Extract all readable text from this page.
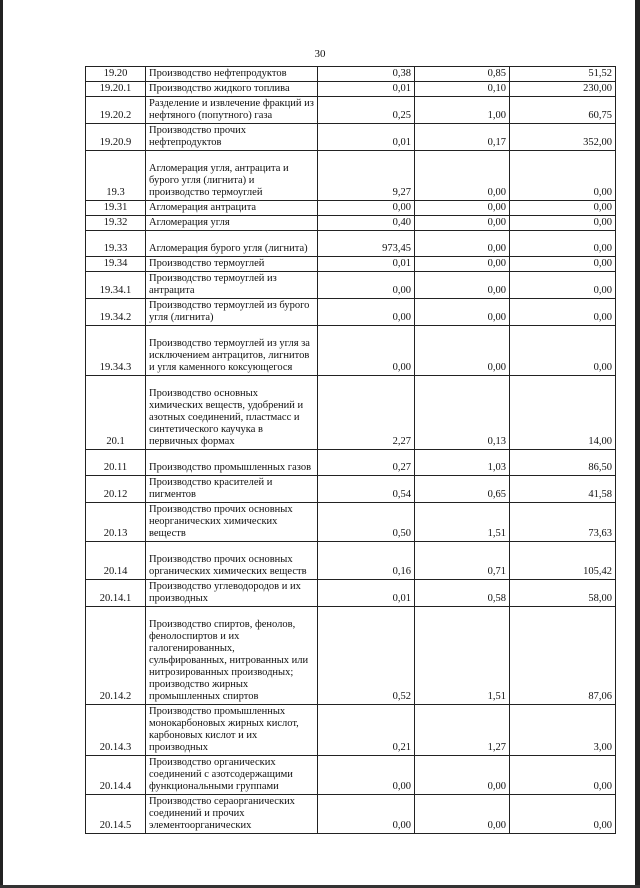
30
19.20	Производство нефтепродуктов	0,38	0,85	51,52
19.20.1	Производство жидкого топлива	0,01	0,10	230,00
19.20.2	Разделение и извлечение фракций из нефтяного (попутного) газа	0,25	1,00	60,75
19.20.9	Производство прочих нефтепродуктов	0,01	0,17	352,00
19.3	Агломерация угля, антрацита и бурого угля (лигнита) и производство термоуглей	9,27	0,00	0,00
19.31	Агломерация антрацита	0,00	0,00	0,00
19.32	Агломерация угля	0,40	0,00	0,00
19.33	Агломерация бурого угля (лигнита)	973,45	0,00	0,00
19.34	Производство термоуглей	0,01	0,00	0,00
19.34.1	Производство термоуглей из антрацита	0,00	0,00	0,00
19.34.2	Производство термоуглей из бурого угля (лигнита)	0,00	0,00	0,00
19.34.3	Производство термоуглей из угля за исключением антрацитов, лигнитов и угля каменного коксующегося	0,00	0,00	0,00
20.1	Производство основных химических веществ, удобрений и азотных соединений, пластмасс и синтетического каучука в первичных формах	2,27	0,13	14,00
20.11	Производство промышленных газов	0,27	1,03	86,50
20.12	Производство красителей и пигментов	0,54	0,65	41,58
20.13	Производство прочих основных неорганических химических веществ	0,50	1,51	73,63
20.14	Производство прочих основных органических химических веществ	0,16	0,71	105,42
20.14.1	Производство углеводородов и их производных	0,01	0,58	58,00
20.14.2	Производство спиртов, фенолов, фенолоспиртов и их галогенированных, сульфированных, нитрованных или нитрозированных производных; производство жирных промышленных спиртов	0,52	1,51	87,06
20.14.3	Производство промышленных монокарбоновых жирных кислот, карбоновых кислот и их производных	0,21	1,27	3,00
20.14.4	Производство органических соединений с азотсодержащими функциональными группами	0,00	0,00	0,00
20.14.5	Производство сераорганических соединений и прочих элементоорганических	0,00	0,00	0,00
